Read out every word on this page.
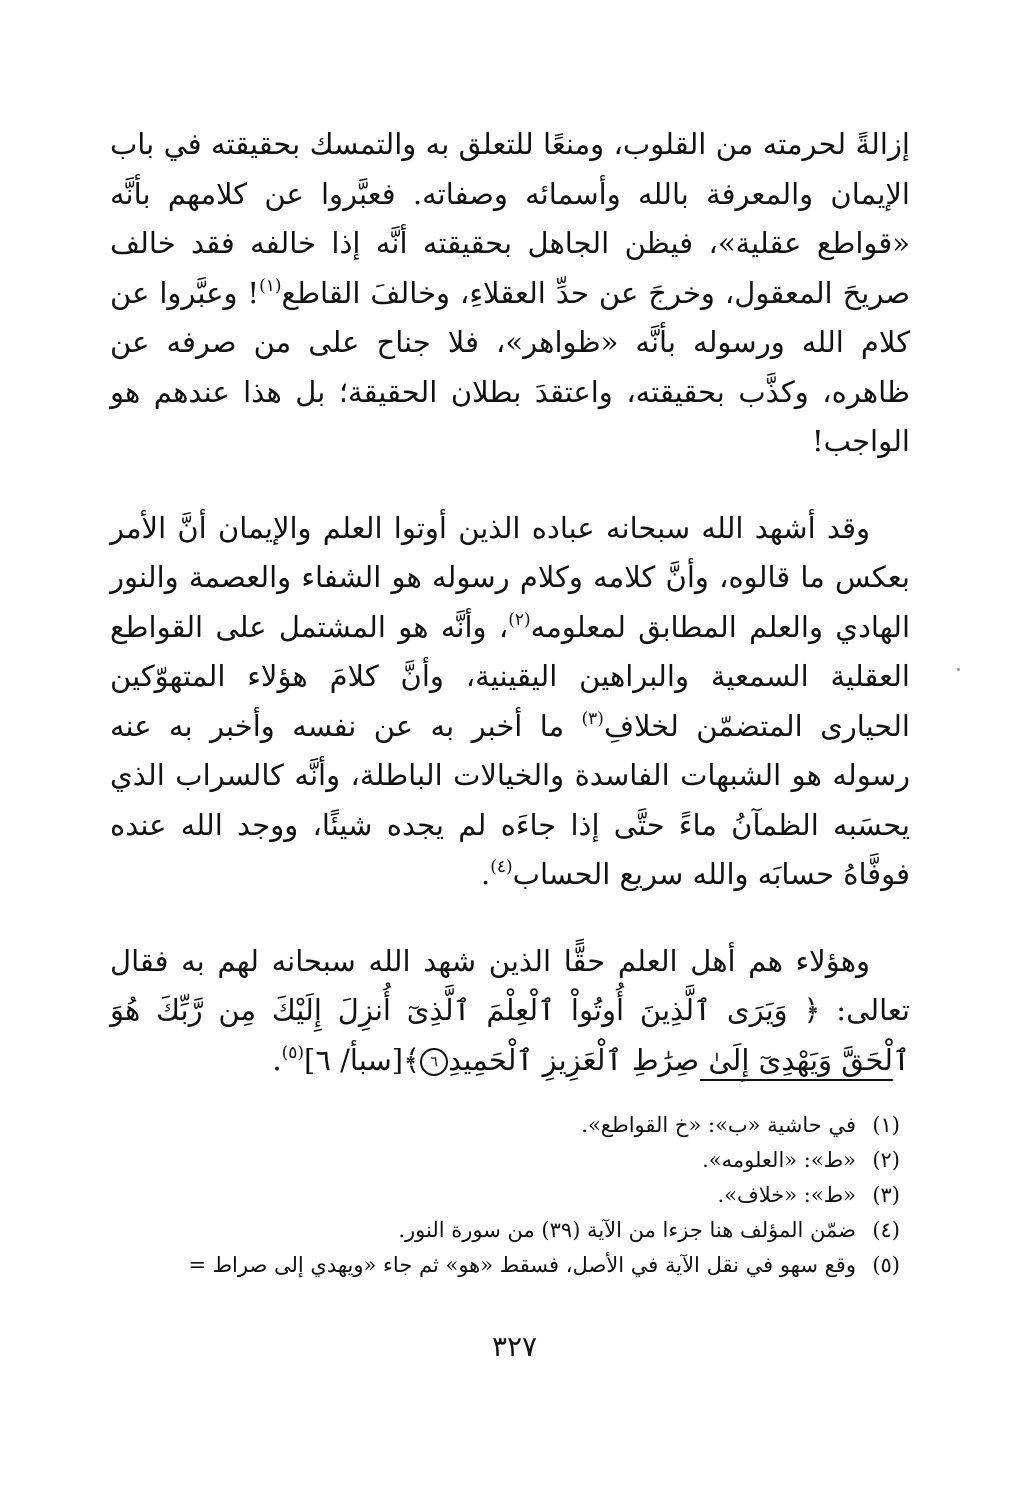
إزالةً لحرمته من القلوب، ومنعًا للتعلق به والتمسك بحقيقته في باب الإيمان والمعرفة بالله وأسمائه وصفاته. فعبَّروا عن كلامهم بأنَّه «قواطع عقلية»، فيظن الجاهل بحقيقته أنَّه إذا خالفه فقد خالف صريحَ المعقول، وخرجَ عن حدِّ العقلاءِ، وخالفَ القاطع$^{(١)}$! وعبَّروا عن كلام الله ورسوله بأنَّه «ظواهر»، فلا جناح على من صرفه عن ظاهره، وكذَّب بحقيقته، واعتقدَ بطلان الحقيقة؛ بل هذا عندهم هو الواجب!

وقد أشهد الله سبحانه عباده الذين أوتوا العلم والإيمان أنَّ الأمر بعكس ما قالوه، وأنَّ كلامه وكلام رسوله هو الشفاء والعصمة والنور الهادي والعلم المطابق لمعلومه$^{(٢)}$، وأنَّه هو المشتمل على القواطع العقلية السمعية والبراهين اليقينية، وأنَّ كلامَ هؤلاء المتهوّكين الحيارى المتضمّن لخلافِ$^{(٣)}$ ما أخبر به عن نفسه وأخبر به عنه رسوله هو الشبهات الفاسدة والخيالات الباطلة، وأنَّه كالسراب الذي يحسَبه الظمآنُ ماءً حتَّى إذا جاءَه لم يجده شيئًا، ووجد الله عنده فوفَّاهُ حسابَه والله سريع الحساب$^{(٤)}$.

وهؤلاء هم أهل العلم حقًّا الذين شهد الله سبحانه لهم به فقال تعالى: ﴿ وَيَرَى ٱلَّذِينَ أُوتُواْ ٱلْعِلْمَ ٱلَّذِىٓ أُنزِلَ إِلَيْكَ مِن رَّبِّكَ هُوَ ٱلْحَقَّ وَيَهْدِىٓ إِلَىٰ صِرَٰطِ ٱلْعَزِيزِ ٱلْحَمِيدِ٦﴾[سبأ/ ٦]$^{(٥)}$.

(١)في حاشية «ب»: «خ القواطع».
(٢)«ط»: «العلومه».
(٣)«ط»: «خلاف».
(٤)ضمّن المؤلف هنا جزءا من الآية (٣٩) من سورة النور.
(٥)وقع سهو في نقل الآية في الأصل، فسقط «هو» ثم جاء «ويهدي إلى صراط =
٣٢٧
